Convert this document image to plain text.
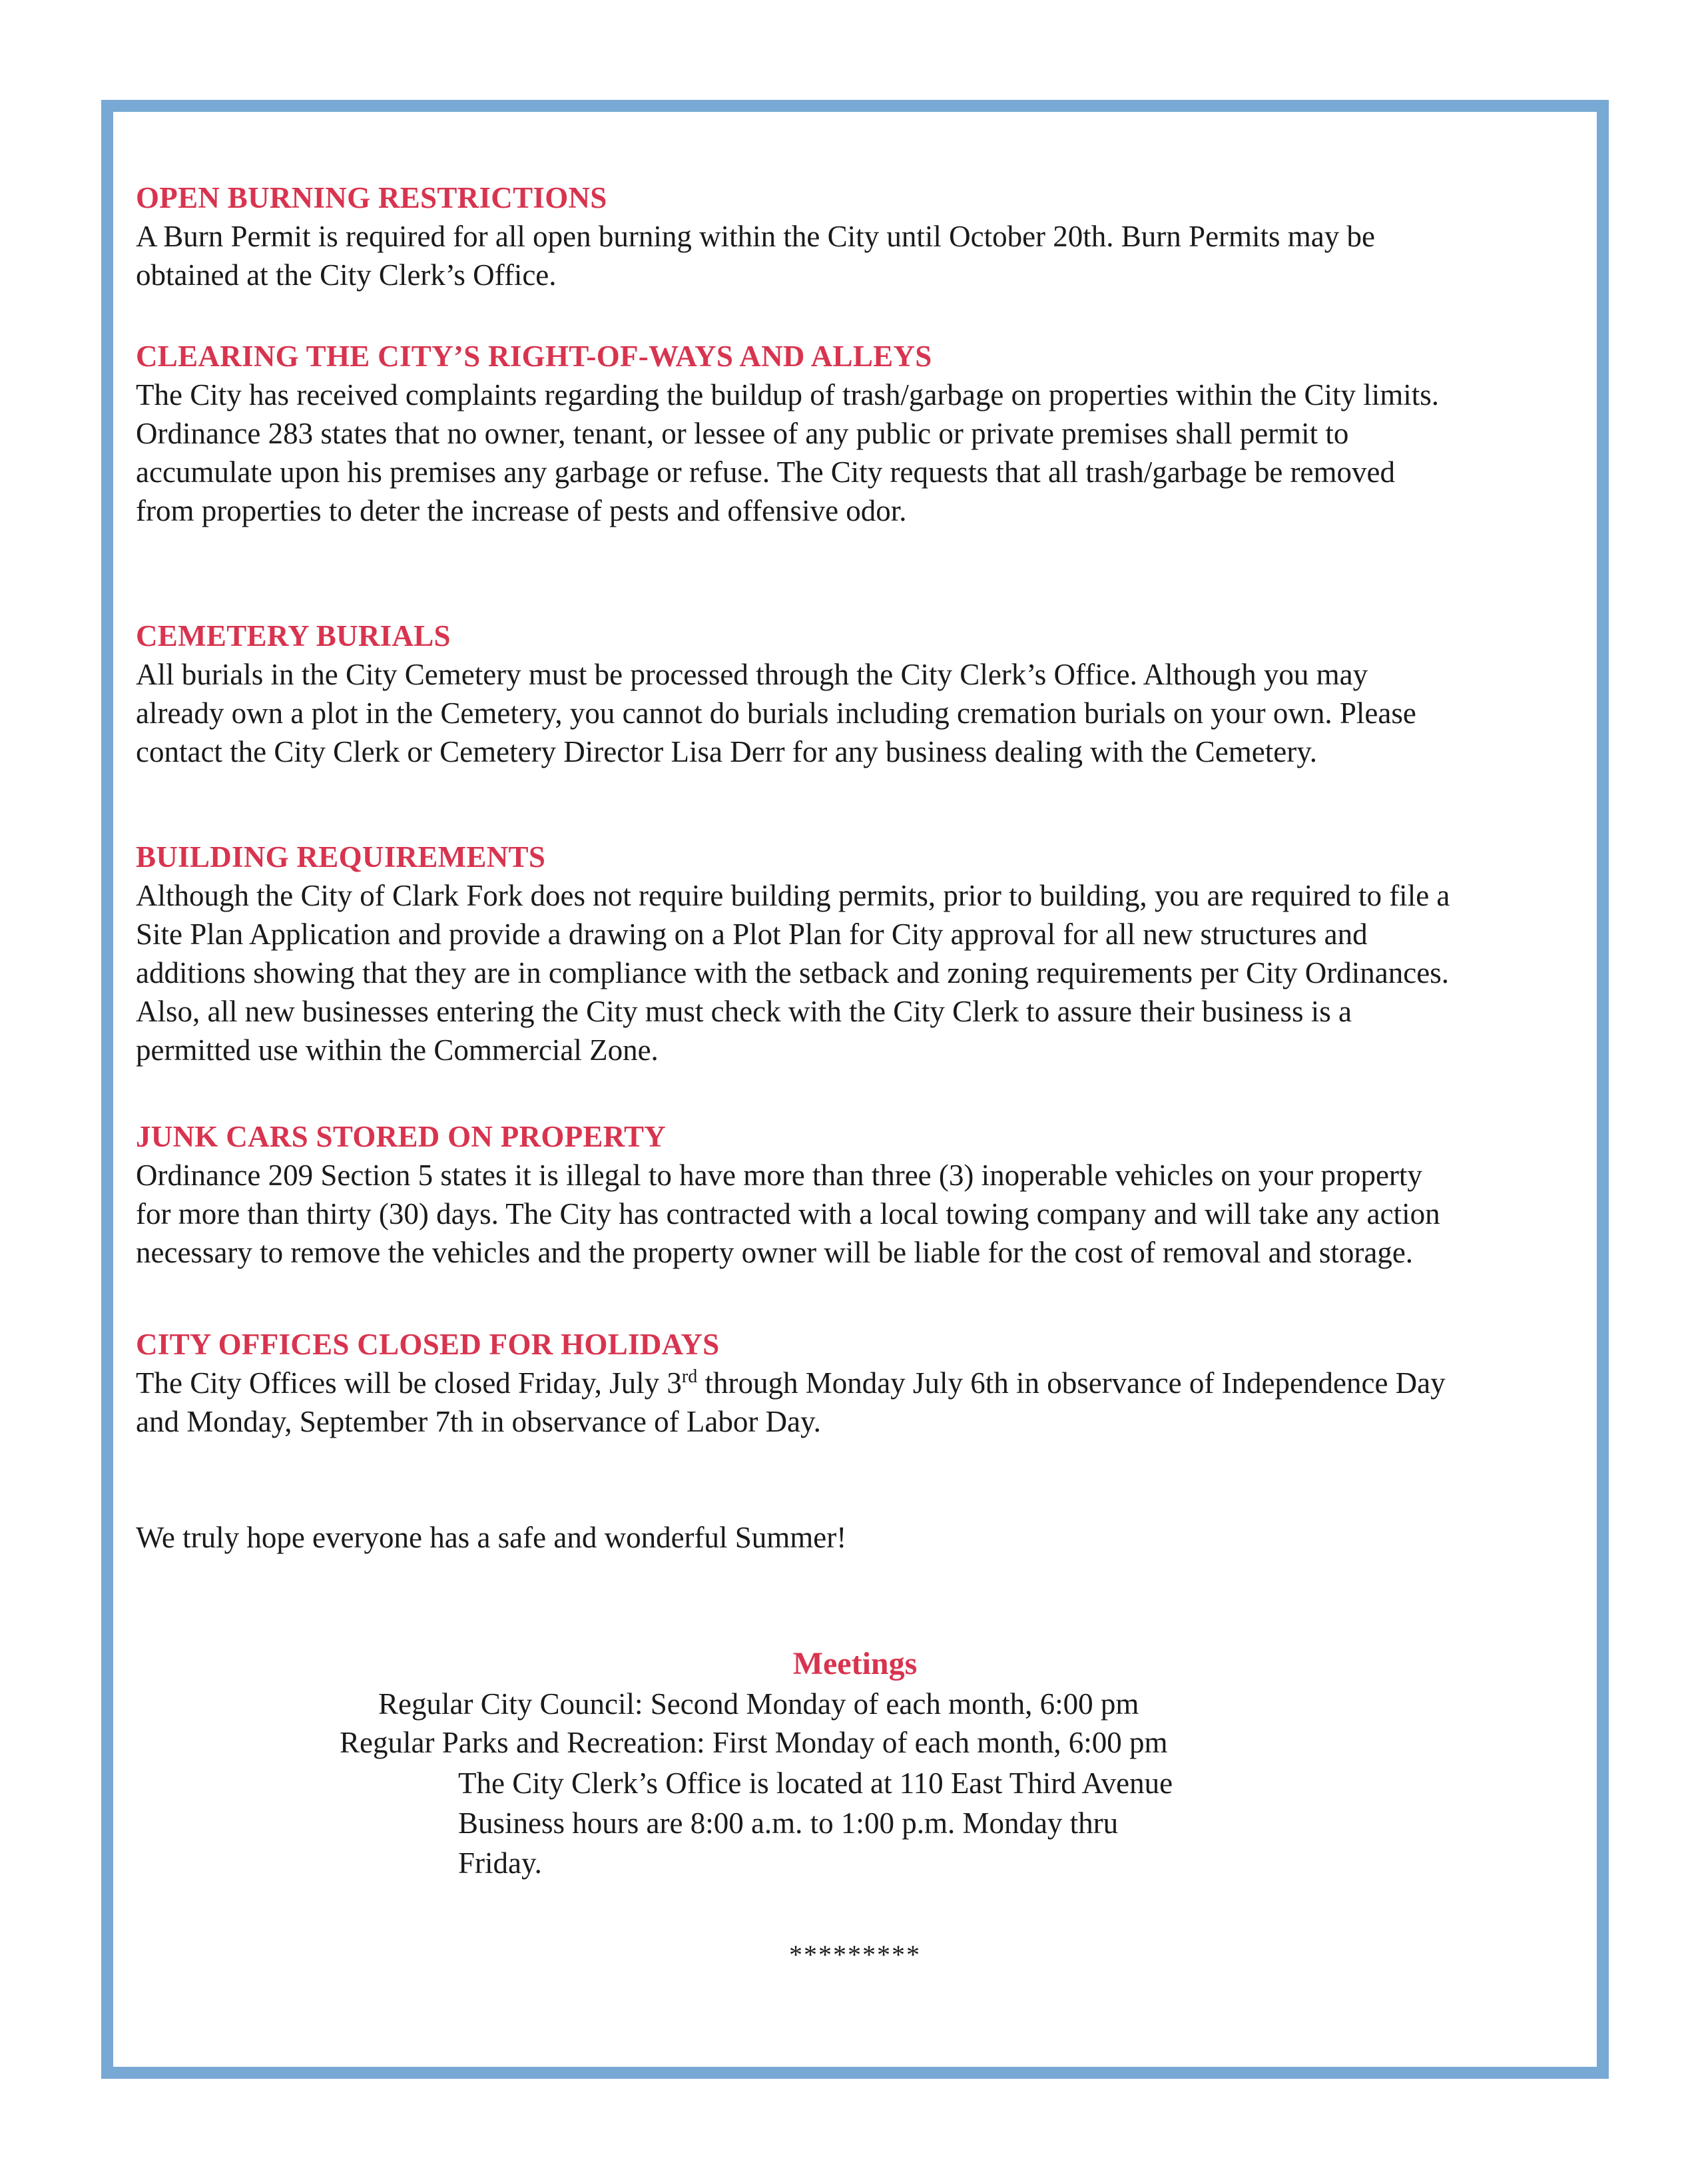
OPEN BURNING RESTRICTIONS

A Burn Permit is required for all open burning within the City until October 20th. Burn Permits may be

obtained at the City Clerk’s Office.

CLEARING THE CITY’S RIGHT-OF-WAYS AND ALLEYS

The City has received complaints regarding the buildup of trash/garbage on properties within the City limits.

Ordinance 283 states that no owner, tenant, or lessee of any public or private premises shall permit to

accumulate upon his premises any garbage or refuse. The City requests that all trash/garbage be removed

from properties to deter the increase of pests and offensive odor.

CEMETERY BURIALS

All burials in the City Cemetery must be processed through the City Clerk’s Office. Although you may

already own a plot in the Cemetery, you cannot do burials including cremation burials on your own. Please

contact the City Clerk or Cemetery Director Lisa Derr for any business dealing with the Cemetery.

BUILDING REQUIREMENTS

Although the City of Clark Fork does not require building permits, prior to building, you are required to file a

Site Plan Application and provide a drawing on a Plot Plan for City approval for all new structures and

additions showing that they are in compliance with the setback and zoning requirements per City Ordinances.

Also, all new businesses entering the City must check with the City Clerk to assure their business is a

permitted use within the Commercial Zone.

JUNK CARS STORED ON PROPERTY

Ordinance 209 Section 5 states it is illegal to have more than three (3) inoperable vehicles on your property

for more than thirty (30) days. The City has contracted with a local towing company and will take any action

necessary to remove the vehicles and the property owner will be liable for the cost of removal and storage.

CITY OFFICES CLOSED FOR HOLIDAYS

The City Offices will be closed Friday, July 3rd through Monday July 6th in observance of Independence Day

and Monday, September 7th in observance of Labor Day.

We truly hope everyone has a safe and wonderful Summer!

Meetings

Regular City Council: Second Monday of each month, 6:00 pm

Regular Parks and Recreation: First Monday of each month, 6:00 pm

The City Clerk’s Office is located at 110 East Third Avenue

Business hours are 8:00 a.m. to 1:00 p.m. Monday thru

Friday.

*********
